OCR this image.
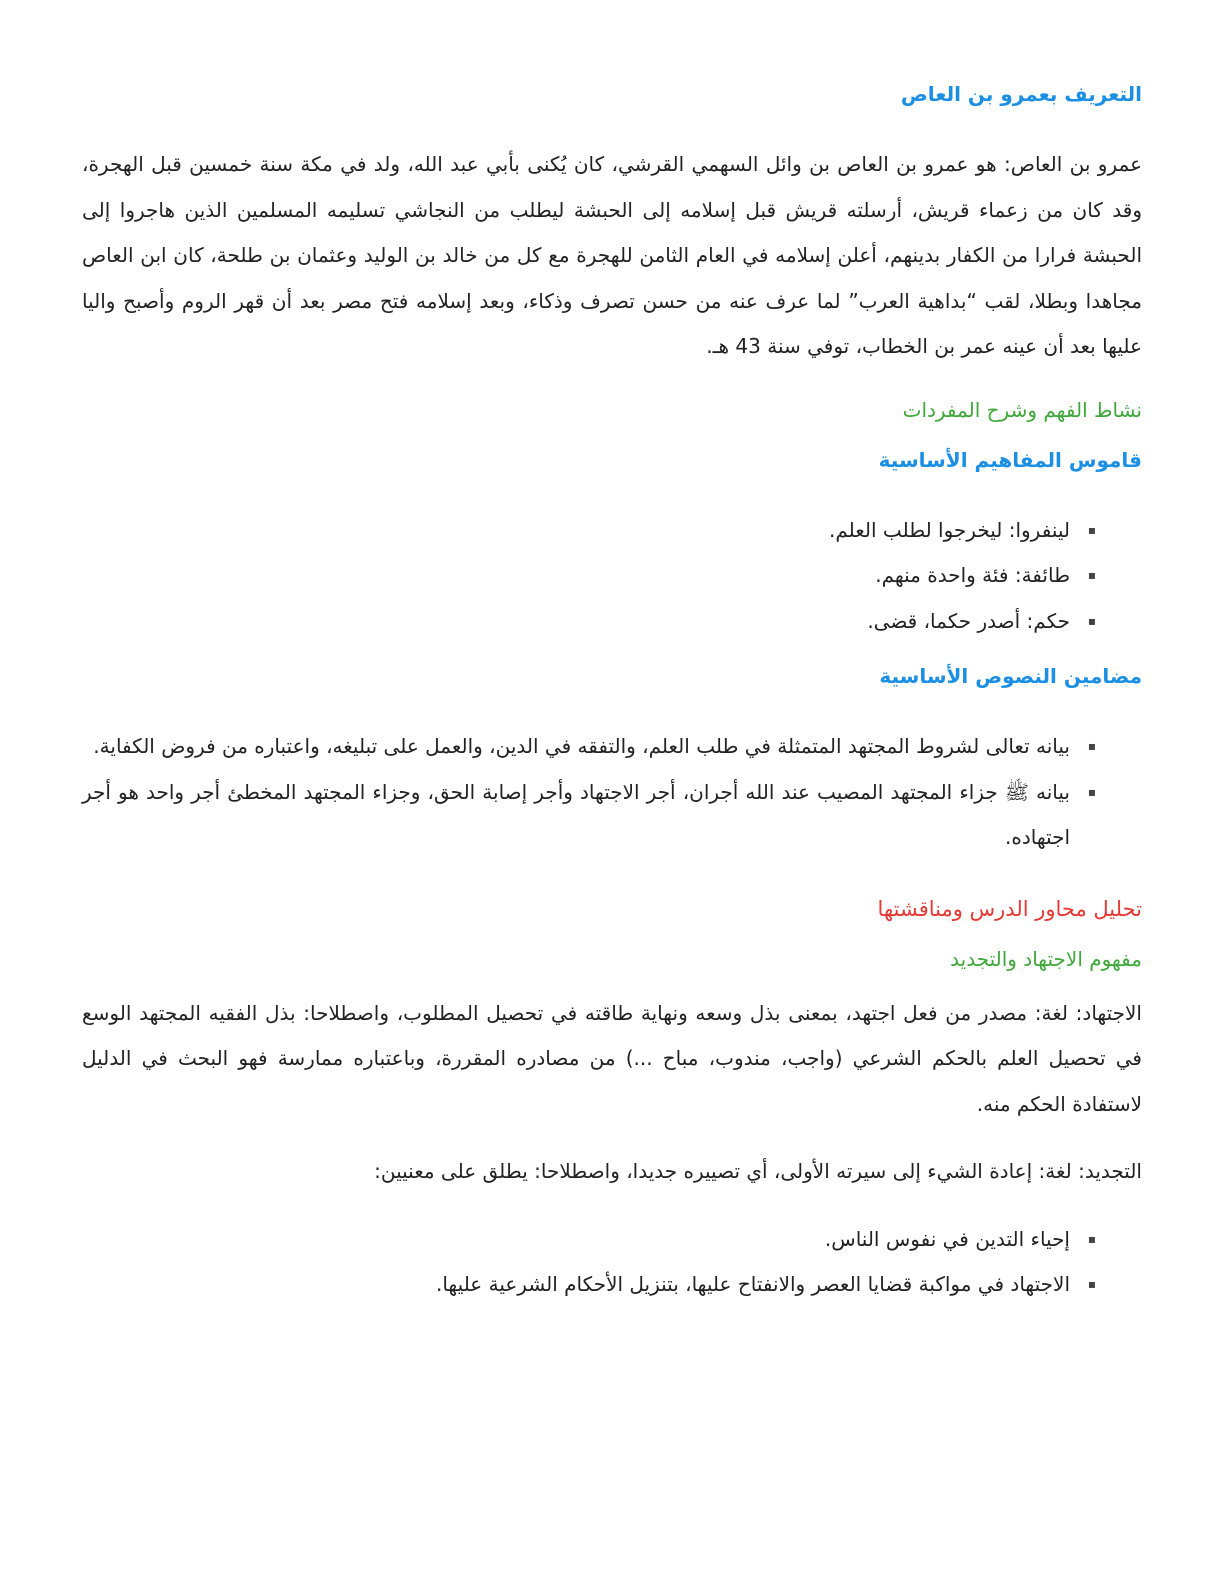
التعريف بعمرو بن العاص

عمرو بن العاص: هو عمرو بن العاص بن وائل السهمي القرشي، كان يُكنى بأبي عبد الله، ولد في مكة سنة خمسين قبل الهجرة، وقد كان من زعماء قريش، أرسلته قريش قبل إسلامه إلى الحبشة ليطلب من النجاشي تسليمه المسلمين الذين هاجروا إلى الحبشة فرارا من الكفار بدينهم، أعلن إسلامه في العام الثامن للهجرة مع كل من خالد بن الوليد وعثمان بن طلحة، كان ابن العاص مجاهدا وبطلا، لقب “بداهية العرب” لما عرف عنه من حسن تصرف وذكاء، وبعد إسلامه فتح مصر بعد أن قهر الروم وأصبح واليا عليها بعد أن عينه عمر بن الخطاب، توفي سنة 43 هـ.

نشاط الفهم وشرح المفردات
قاموس المفاهيم الأساسية
▪
لينفروا: ليخرجوا لطلب العلم.
▪
طائفة: فئة واحدة منهم.
▪
حكم: أصدر حكما، قضى.
مضامين النصوص الأساسية
▪
بيانه تعالى لشروط المجتهد المتمثلة في طلب العلم، والتفقه في الدين، والعمل على تبليغه، واعتباره من فروض الكفاية.
▪
بيانه ﷺ جزاء المجتهد المصيب عند الله أجران، أجر الاجتهاد وأجر إصابة الحق، وجزاء المجتهد المخطئ أجر واحد هو أجر اجتهاده.
تحليل محاور الدرس ومناقشتها
مفهوم الاجتهاد والتجديد

الاجتهاد: لغة: مصدر من فعل اجتهد، بمعنى بذل وسعه ونهاية طاقته في تحصيل المطلوب، واصطلاحا: بذل الفقيه المجتهد الوسع في تحصيل العلم بالحكم الشرعي (واجب، مندوب، مباح ...) من مصادره المقررة، وباعتباره ممارسة فهو البحث في الدليل لاستفادة الحكم منه.

التجديد: لغة: إعادة الشيء إلى سيرته الأولى، أي تصييره جديدا، واصطلاحا: يطلق على معنيين:

▪
إحياء التدين في نفوس الناس.
▪
الاجتهاد في مواكبة قضايا العصر والانفتاح عليها، بتنزيل الأحكام الشرعية عليها.
